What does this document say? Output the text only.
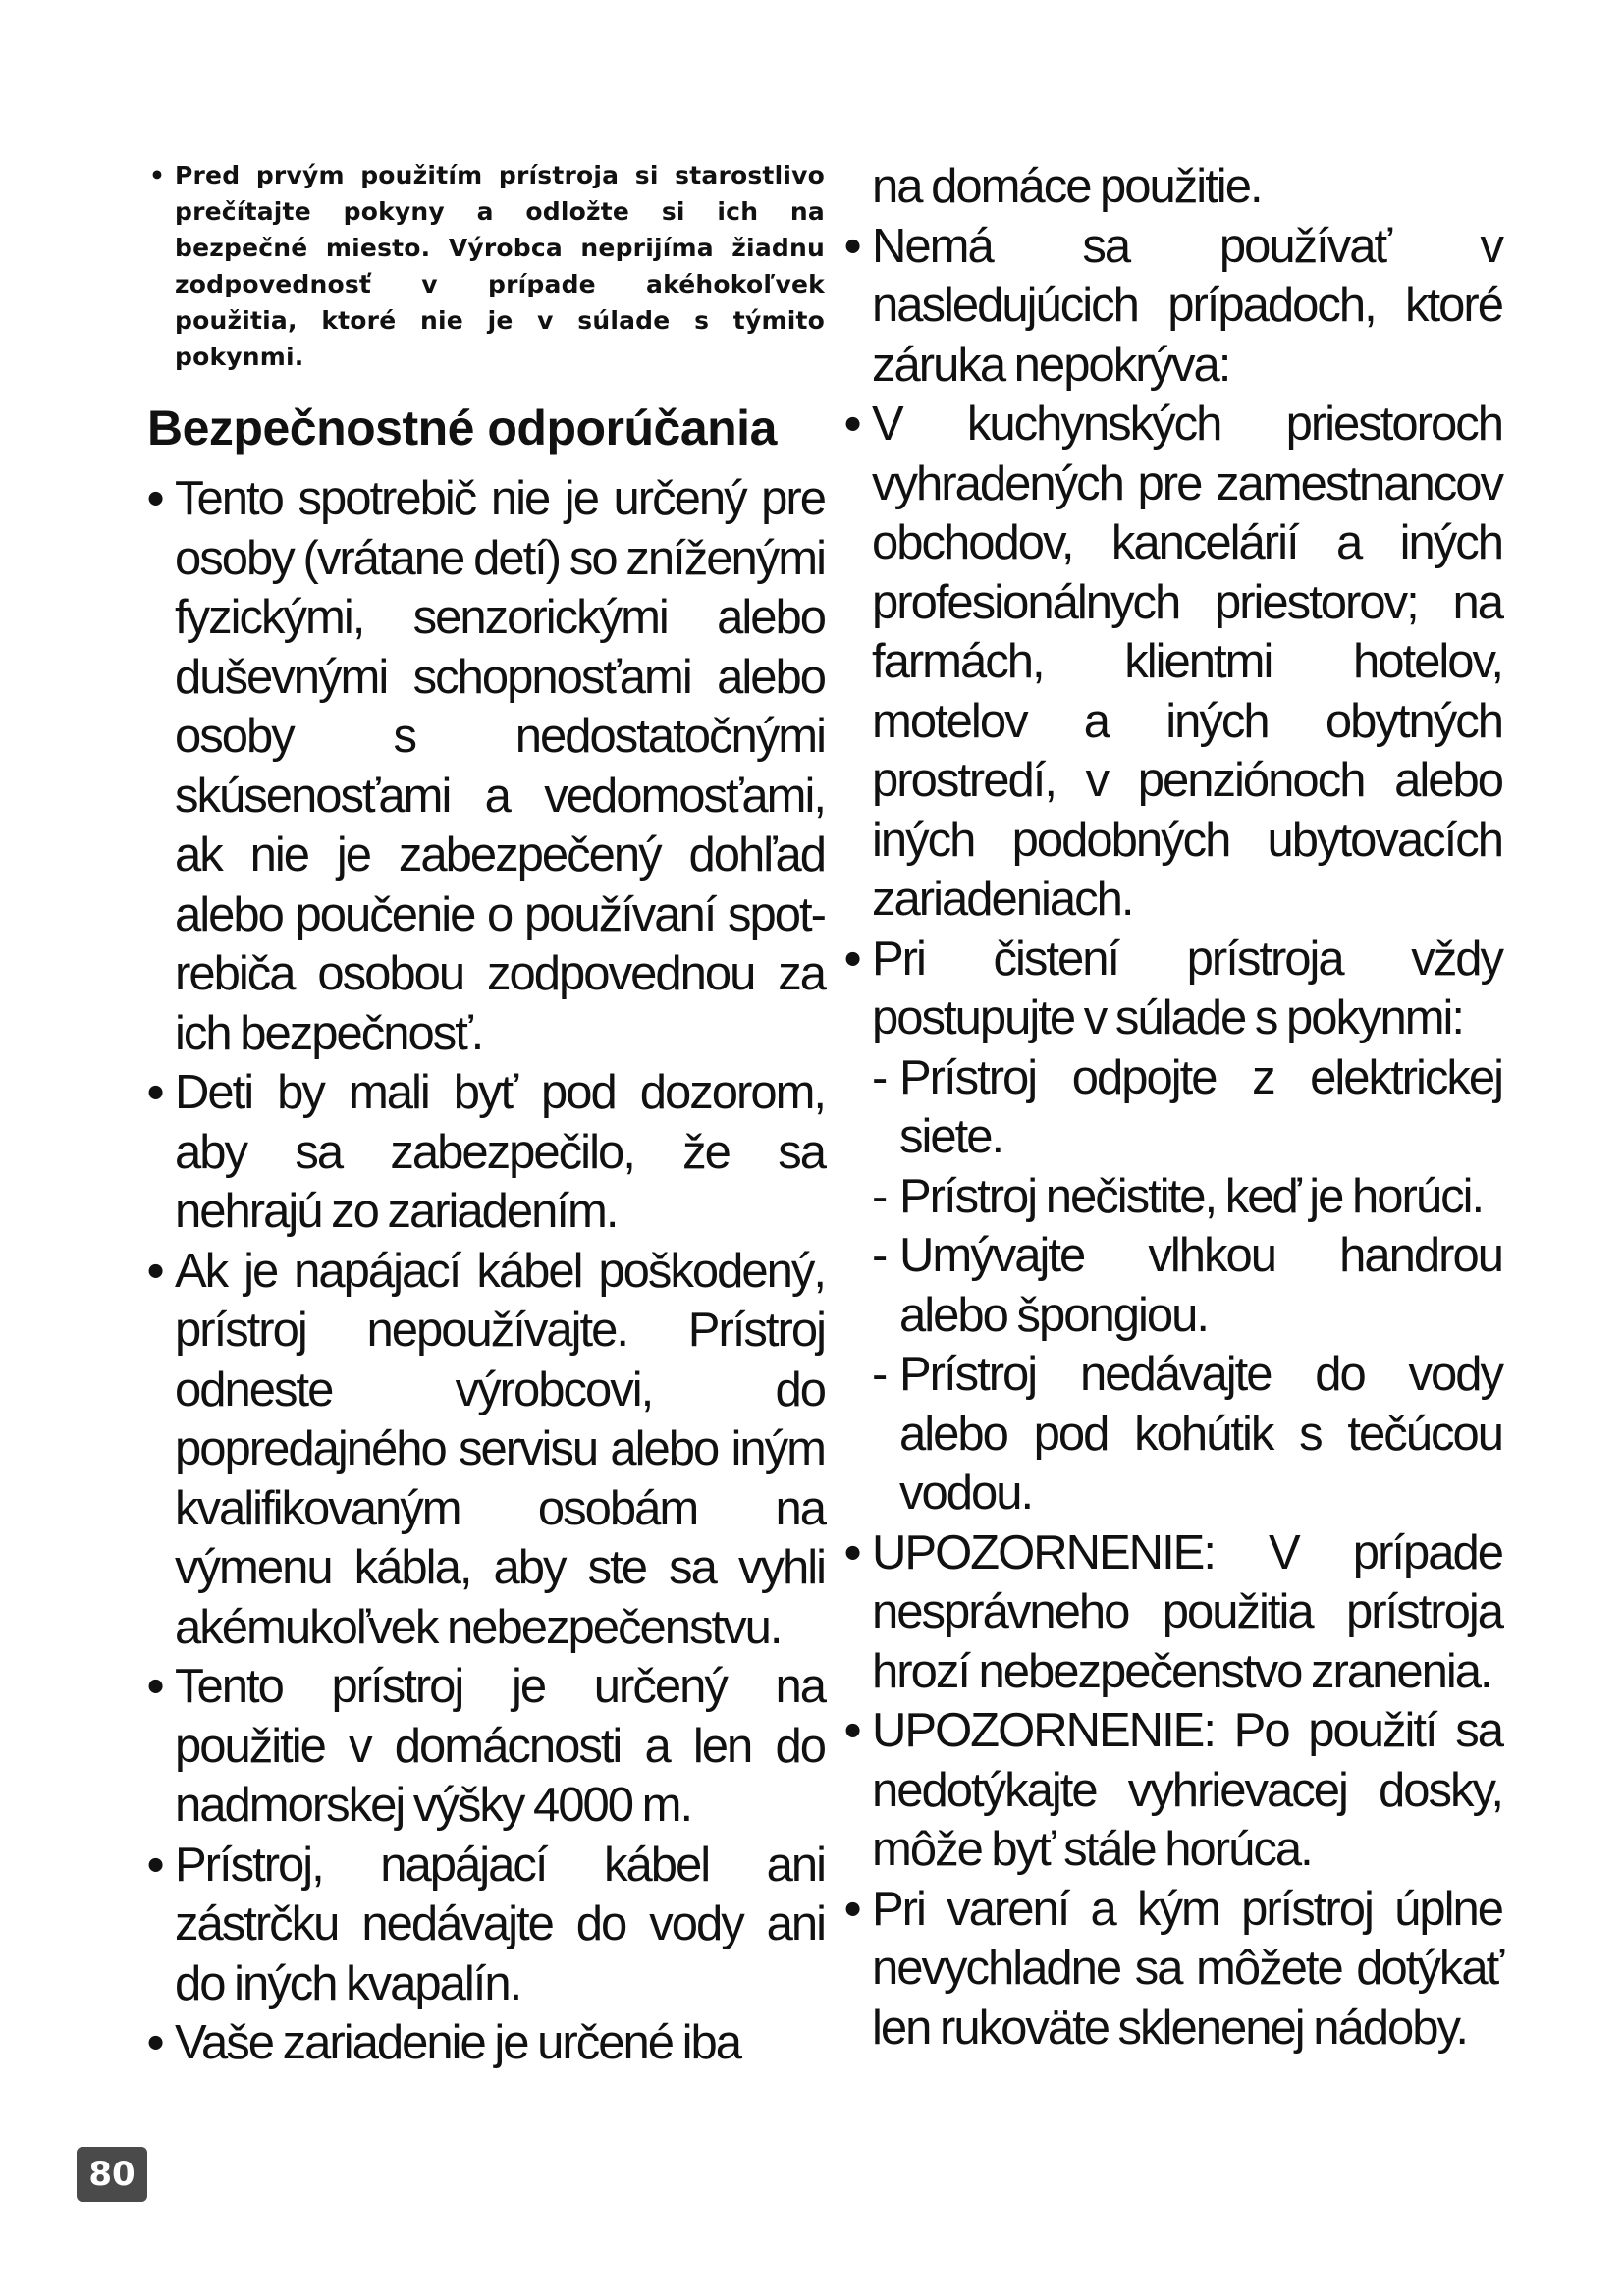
• Pred prvým použitím prístroja si starostlivo prečítajte pokyny a odložte si ich na bezpečné miesto. Výrobca neprijíma žiadnu zodpovednosť v prípade akéhokoľvek použitia, ktoré nie je v súlade s týmito pokynmi.

Bezpečnostné odporúčania

• Tento spotrebič nie je určený pre osoby (vrátane detí) so zníženými fyzickými, senzorickými alebo duševnými schopnosťami alebo osoby s nedostatočnými skúsenosťami a vedomosťami, ak nie je zabezpečený dohľad alebo poučenie o používaní spot-rebiča osobou zodpovednou za ich bezpečnosť.

• Deti by mali byť pod dozorom, aby sa zabezpečilo, že sa nehrajú zo zariadením.

• Ak je napájací kábel poškodený, prístroj nepoužívajte. Prístroj odneste výrobcovi, do popredajného servisu alebo iným kvalifikovaným osobám na výmenu kábla, aby ste sa vyhli akémukoľvek nebezpečenstvu.

• Tento prístroj je určený na použitie v domácnosti a len do nadmorskej výšky 4000 m.

• Prístroj, napájací kábel ani zástrčku nedávajte do vody ani do iných kvapalín.

• Vaše zariadenie je určené iba

na domáce použitie.

• Nemá sa používať v nasledujúcich prípadoch, ktoré záruka nepokrýva:

• V kuchynských priestoroch vyhradených pre zamestnancov obchodov, kancelárií a iných profesionálnych priestorov; na farmách, klientmi hotelov, motelov a iných obytných prostredí, v penziónoch alebo iných podobných ubytovacích zariadeniach.

• Pri čistení prístroja vždy postupujte v súlade s pokynmi:

- Prístroj odpojte z elektrickej siete.

- Prístroj nečistite, keď je horúci.

- Umývajte vlhkou handrou alebo špongiou.

- Prístroj nedávajte do vody alebo pod kohútik s tečúcou vodou.

• UPOZORNENIE: V prípade nesprávneho použitia prístroja hrozí nebezpečenstvo zranenia.

• UPOZORNENIE: Po použití sa nedotýkajte vyhrievacej dosky, môže byť stále horúca.

• Pri varení a kým prístroj úplne nevychladne sa môžete dotýkať len rukoväte sklenenej nádoby.

80
